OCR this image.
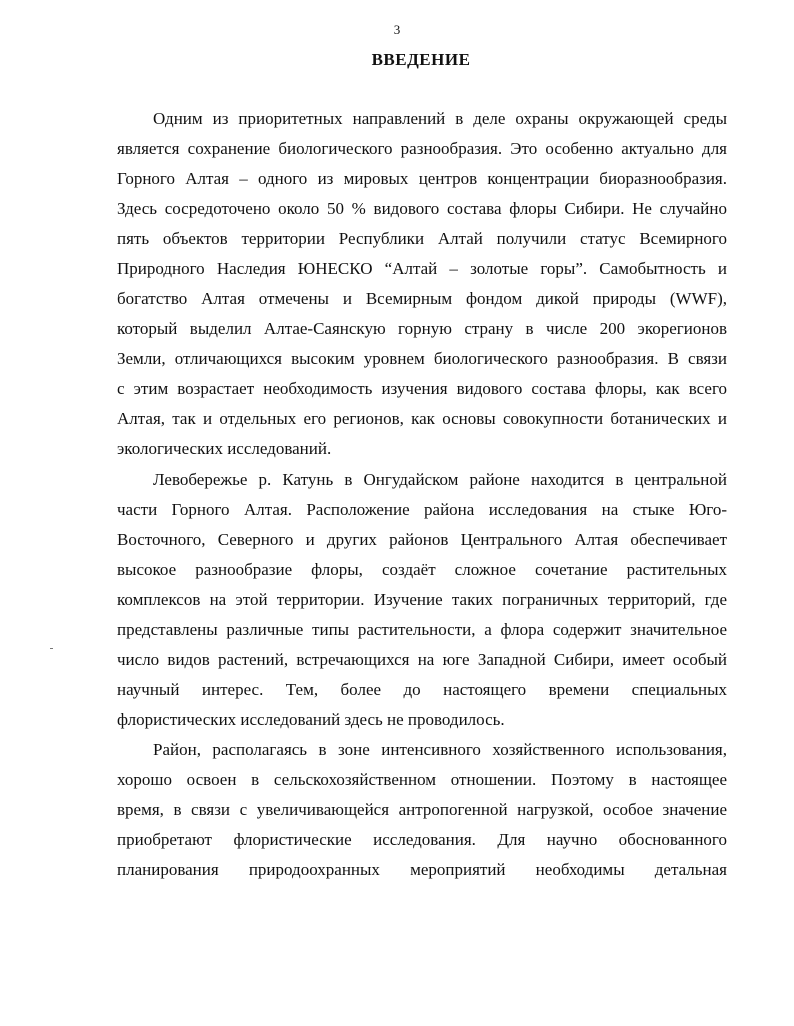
3
ВВЕДЕНИЕ
Одним из приоритетных направлений в деле охраны окружающей среды
является сохранение биологического разнообразия. Это особенно актуально для
Горного Алтая – одного из мировых центров концентрации биоразнообразия.
Здесь сосредоточено около 50 % видового состава флоры Сибири. Не случайно
пять объектов территории Республики Алтай получили статус Всемирного
Природного Наследия ЮНЕСКО “Алтай – золотые горы”. Самобытность и
богатство Алтая отмечены и Всемирным фондом дикой природы (WWF),
который выделил Алтае-Саянскую горную страну в числе 200 экорегионов
Земли, отличающихся высоким уровнем биологического разнообразия. В связи
с этим возрастает необходимость изучения видового состава флоры, как всего
Алтая, так и отдельных его регионов, как основы совокупности ботанических и
экологических исследований.
Левобережье р. Катунь в Онгудайском районе находится в центральной
части Горного Алтая. Расположение района исследования на стыке Юго-
Восточного, Северного и других районов Центрального Алтая обеспечивает
высокое разнообразие флоры, создаёт сложное сочетание растительных
комплексов на этой территории. Изучение таких пограничных территорий, где
представлены различные типы растительности, а флора содержит значительное
число видов растений, встречающихся на юге Западной Сибири, имеет особый
научный интерес. Тем, более до настоящего времени специальных
флористических исследований здесь не проводилось.
Район, располагаясь в зоне интенсивного хозяйственного использования,
хорошо освоен в сельскохозяйственном отношении. Поэтому в настоящее
время, в связи с увеличивающейся антропогенной нагрузкой, особое значение
приобретают флористические исследования. Для научно обоснованного
планирования природоохранных мероприятий необходимы детальная
